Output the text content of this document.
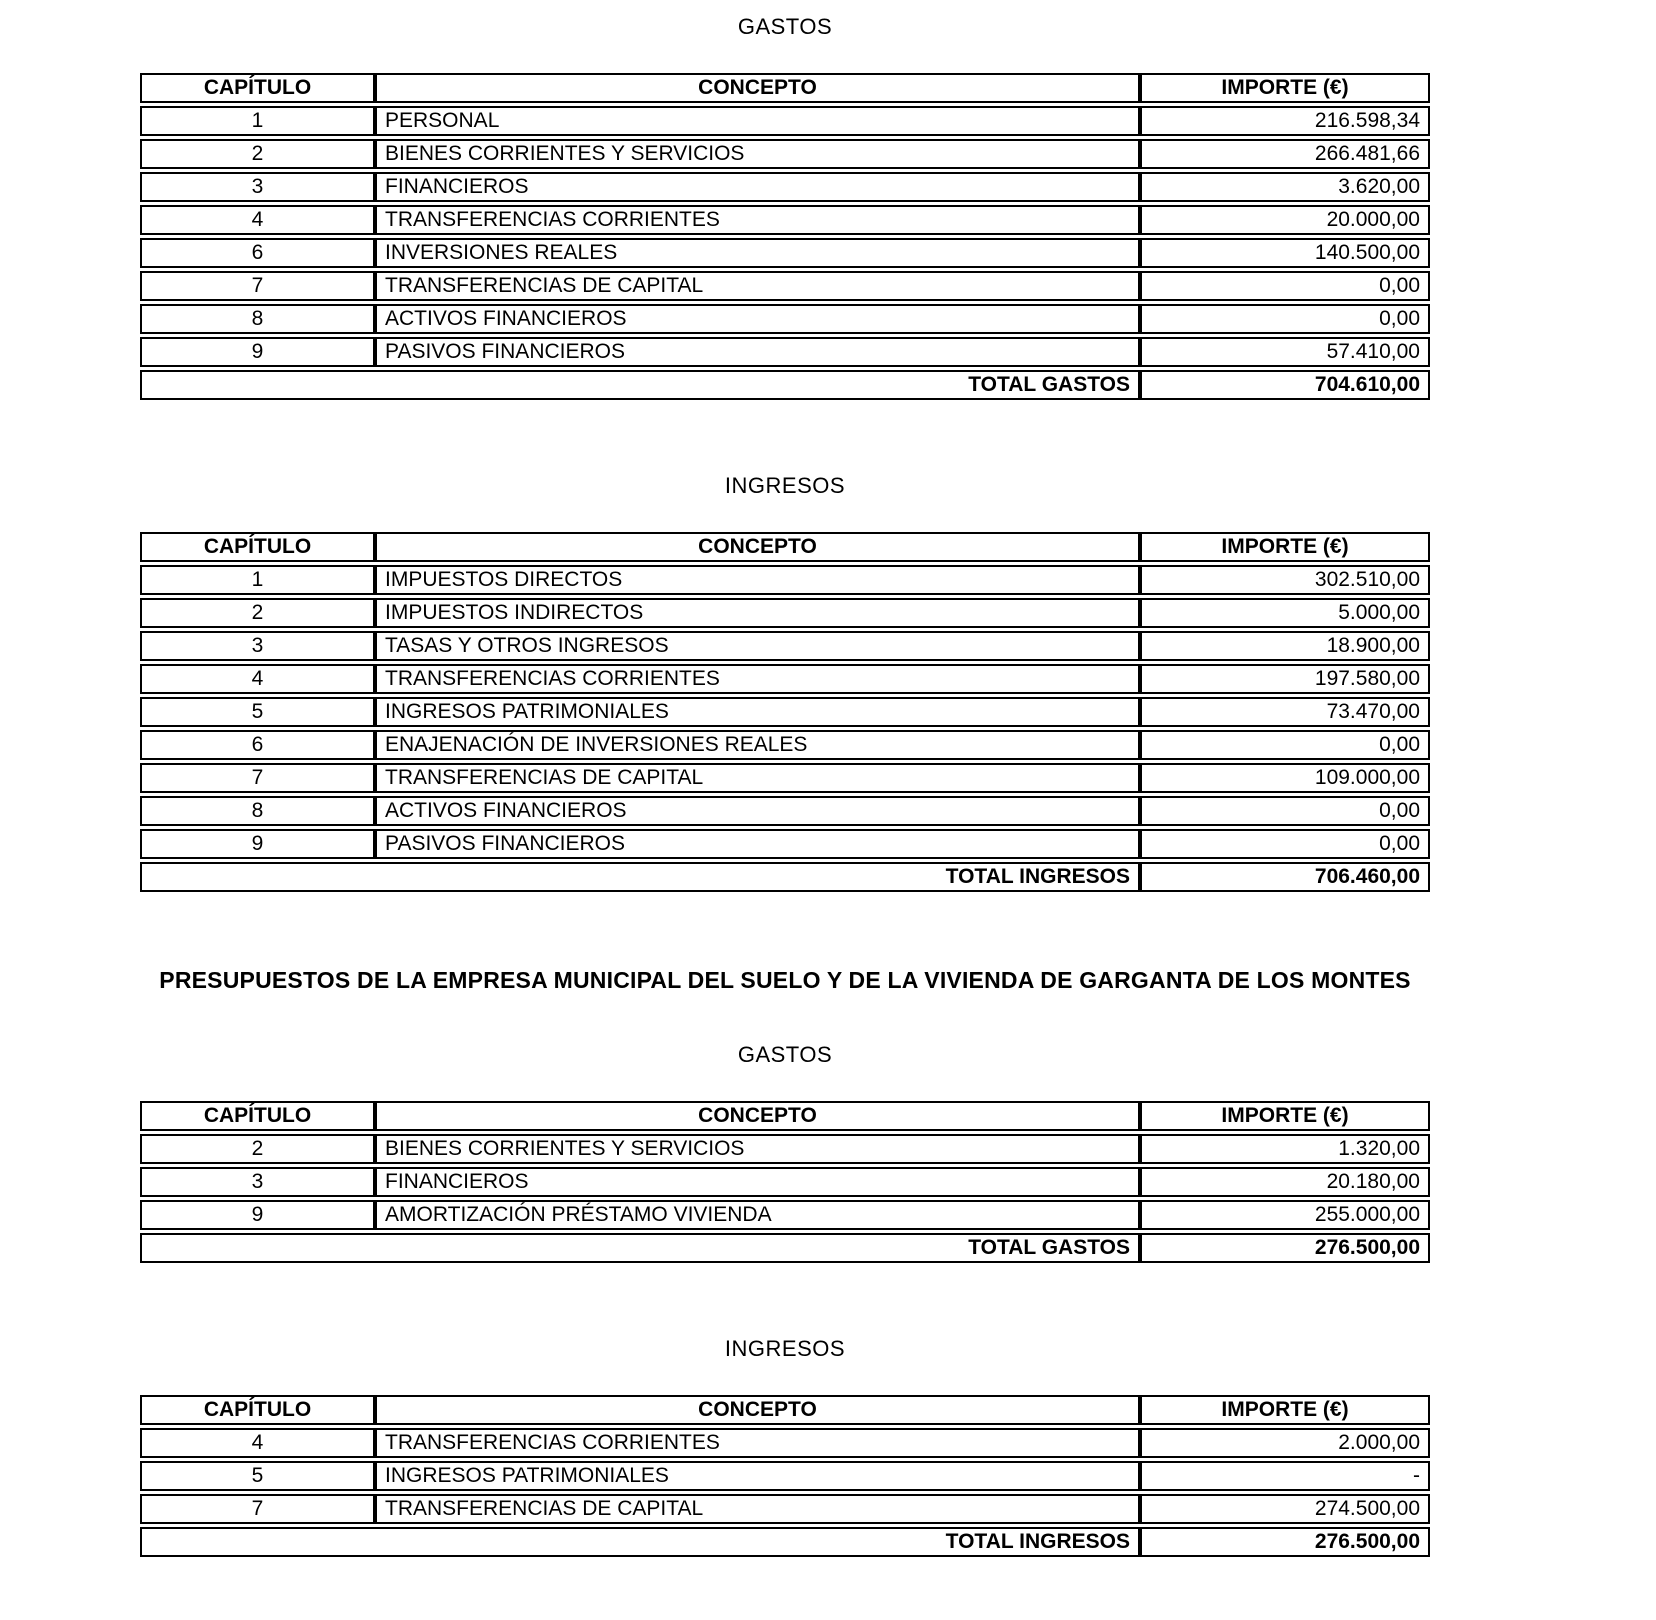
GASTOS
CAPÍTULO	CONCEPTO	IMPORTE (€)
1	PERSONAL	216.598,34
2	BIENES CORRIENTES Y SERVICIOS	266.481,66
3	FINANCIEROS	3.620,00
4	TRANSFERENCIAS CORRIENTES	20.000,00
6	INVERSIONES REALES	140.500,00
7	TRANSFERENCIAS DE CAPITAL	0,00
8	ACTIVOS FINANCIEROS	0,00
9	PASIVOS FINANCIEROS	57.410,00
TOTAL GASTOS		704.610,00
INGRESOS
CAPÍTULO	CONCEPTO	IMPORTE (€)
1	IMPUESTOS DIRECTOS	302.510,00
2	IMPUESTOS INDIRECTOS	5.000,00
3	TASAS Y OTROS INGRESOS	18.900,00
4	TRANSFERENCIAS CORRIENTES	197.580,00
5	INGRESOS PATRIMONIALES	73.470,00
6	ENAJENACIÓN DE INVERSIONES REALES	0,00
7	TRANSFERENCIAS DE CAPITAL	109.000,00
8	ACTIVOS FINANCIEROS	0,00
9	PASIVOS FINANCIEROS	0,00
TOTAL INGRESOS		706.460,00
PRESUPUESTOS DE LA EMPRESA MUNICIPAL DEL SUELO Y DE LA VIVIENDA DE GARGANTA DE LOS MONTES
GASTOS
CAPÍTULO	CONCEPTO	IMPORTE (€)
2	BIENES CORRIENTES Y SERVICIOS	1.320,00
3	FINANCIEROS	20.180,00
9	AMORTIZACIÓN PRÉSTAMO VIVIENDA	255.000,00
TOTAL GASTOS		276.500,00
INGRESOS
CAPÍTULO	CONCEPTO	IMPORTE (€)
4	TRANSFERENCIAS CORRIENTES	2.000,00
5	INGRESOS PATRIMONIALES	-
7	TRANSFERENCIAS DE CAPITAL	274.500,00
TOTAL INGRESOS		276.500,00
